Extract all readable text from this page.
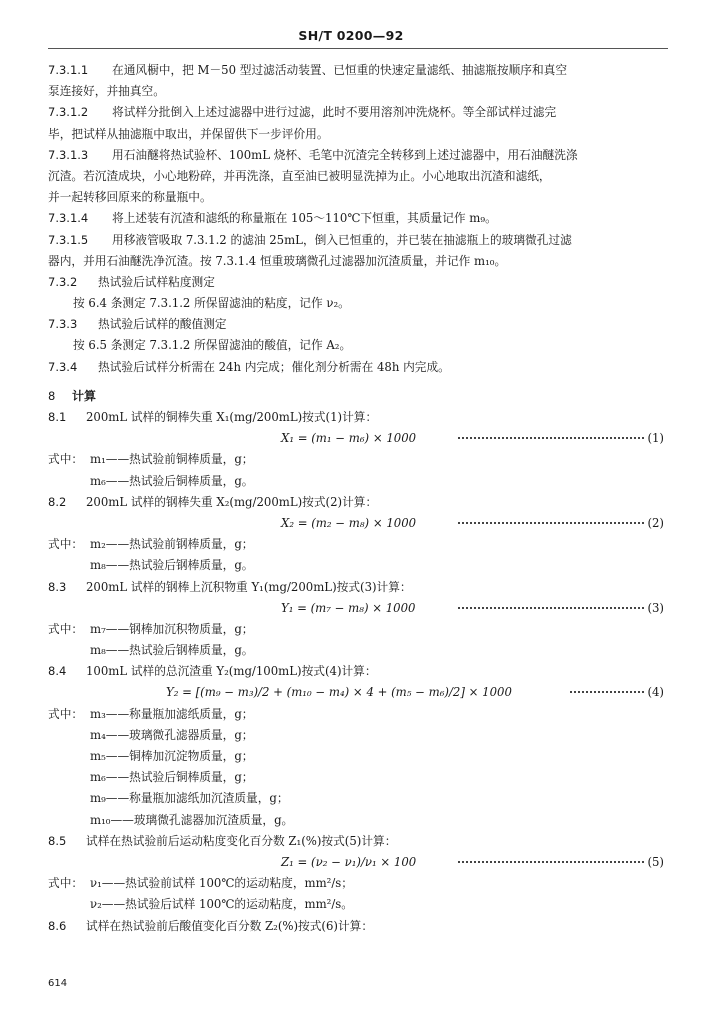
SH/T 0200—92
7.3.1.1 在通风橱中，把 M－50 型过滤活动装置、已恒重的快速定量滤纸、抽滤瓶按顺序和真空
泵连接好，并抽真空。
7.3.1.2 将试样分批倒入上述过滤器中进行过滤，此时不要用溶剂冲洗烧杯。等全部试样过滤完
毕，把试样从抽滤瓶中取出，并保留供下一步评价用。
7.3.1.3 用石油醚将热试验杯、100mL 烧杯、毛笔中沉渣完全转移到上述过滤器中，用石油醚洗涤
沉渣。若沉渣成块，小心地粉碎，并再洗涤，直至油已被明显洗掉为止。小心地取出沉渣和滤纸，
并一起转移回原来的称量瓶中。
7.3.1.4 将上述装有沉渣和滤纸的称量瓶在 105～110℃下恒重，其质量记作 m₉。
7.3.1.5 用移液管吸取 7.3.1.2 的滤油 25mL，倒入已恒重的，并已装在抽滤瓶上的玻璃微孔过滤
器内，并用石油醚洗净沉渣。按 7.3.1.4 恒重玻璃微孔过滤器加沉渣质量，并记作 m₁₀。
7.3.2 热试验后试样粘度测定
按 6.4 条测定 7.3.1.2 所保留滤油的粘度，记作 ν₂。
7.3.3 热试验后试样的酸值测定
按 6.5 条测定 7.3.1.2 所保留滤油的酸值，记作 A₂。
7.3.4 热试验后试样分析需在 24h 内完成；催化剂分析需在 48h 内完成。
8 计算
8.1 200mL 试样的铜棒失重 X₁(mg/200mL)按式(1)计算：
X₁ = (m₁ − m₆) × 1000	(1)
式中： m₁——热试验前铜棒质量，g；
m₆——热试验后铜棒质量，g。
8.2 200mL 试样的钢棒失重 X₂(mg/200mL)按式(2)计算：
X₂ = (m₂ − m₈) × 1000	(2)
式中： m₂——热试验前钢棒质量，g；
m₈——热试验后钢棒质量，g。
8.3 200mL 试样的钢棒上沉积物重 Y₁(mg/200mL)按式(3)计算：
Y₁ = (m₇ − m₈) × 1000	(3)
式中： m₇——钢棒加沉积物质量，g；
m₈——热试验后钢棒质量，g。
8.4 100mL 试样的总沉渣重 Y₂(mg/100mL)按式(4)计算：
Y₂ = [(m₉ − m₃)/2 + (m₁₀ − m₄) × 4 + (m₅ − m₆)/2] × 1000	(4)
式中： m₃——称量瓶加滤纸质量，g；
m₄——玻璃微孔滤器质量，g；
m₅——铜棒加沉淀物质量，g；
m₆——热试验后铜棒质量，g；
m₉——称量瓶加滤纸加沉渣质量，g；
m₁₀——玻璃微孔滤器加沉渣质量，g。
8.5 试样在热试验前后运动粘度变化百分数 Z₁(%)按式(5)计算：
Z₁ = (ν₂ − ν₁)/ν₁ × 100	(5)
式中： ν₁——热试验前试样 100℃的运动粘度，mm²/s；
ν₂——热试验后试样 100℃的运动粘度，mm²/s。
8.6 试样在热试验前后酸值变化百分数 Z₂(%)按式(6)计算：
614
